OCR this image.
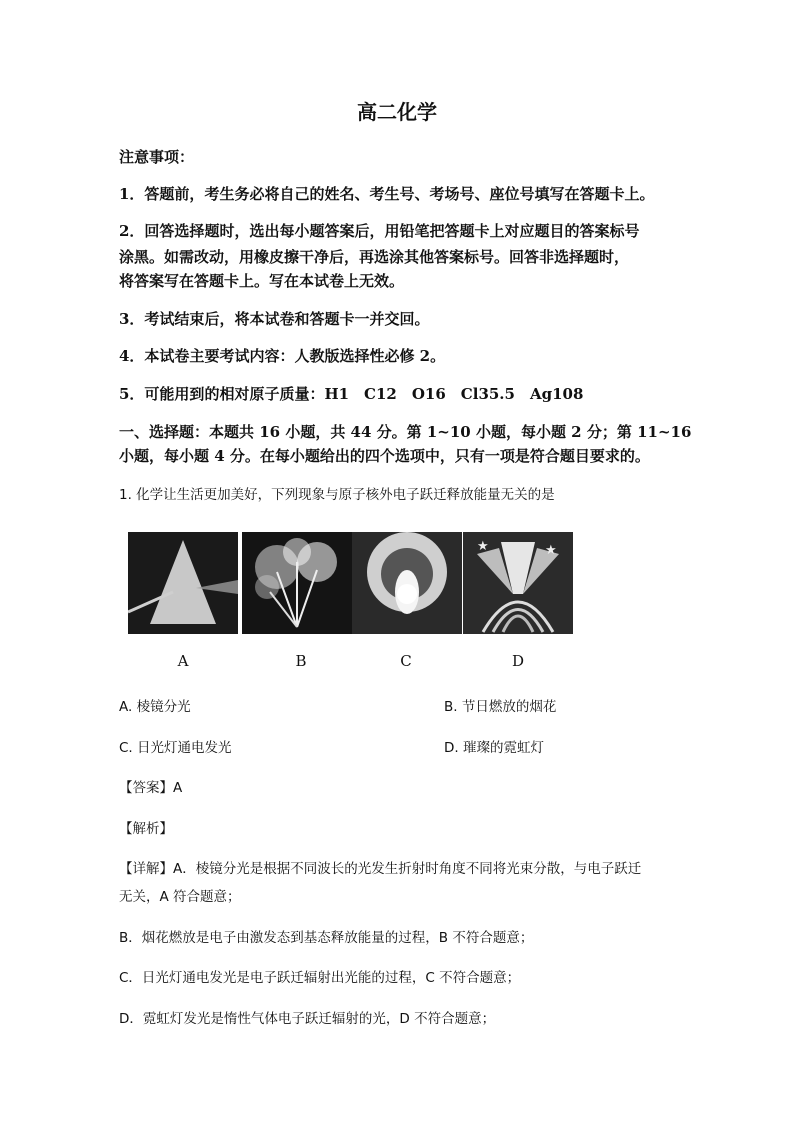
高二化学
注意事项：
1．答题前，考生务必将自己的姓名、考生号、考场号、座位号填写在答题卡上。
2．回答选择题时，选出每小题答案后，用铅笔把答题卡上对应题目的答案标号
涂黑。如需改动，用橡皮擦干净后，再选涂其他答案标号。回答非选择题时，
将答案写在答题卡上。写在本试卷上无效。
3．考试结束后，将本试卷和答题卡一并交回。
4．本试卷主要考试内容：人教版选择性必修 2。
5．可能用到的相对原子质量：H1　C12　O16　Cl35.5　Ag108
一、选择题：本题共 16 小题，共 44 分。第 1~10 小题，每小题 2 分；第 11~16
小题，每小题 4 分。在每小题给出的四个选项中，只有一项是符合题目要求的。
1. 化学让生活更加美好，下列现象与原子核外电子跃迁释放能量无关的是
★	★
A	B	C	D
A. 棱镜分光	B. 节日燃放的烟花
C. 日光灯通电发光	D. 璀璨的霓虹灯
【答案】A
【解析】
【详解】A．棱镜分光是根据不同波长的光发生折射时角度不同将光束分散，与电子跃迁
无关，A 符合题意；
B．烟花燃放是电子由激发态到基态释放能量的过程，B 不符合题意；
C．日光灯通电发光是电子跃迁辐射出光能的过程，C 不符合题意；
D．霓虹灯发光是惰性气体电子跃迁辐射的光，D 不符合题意；
